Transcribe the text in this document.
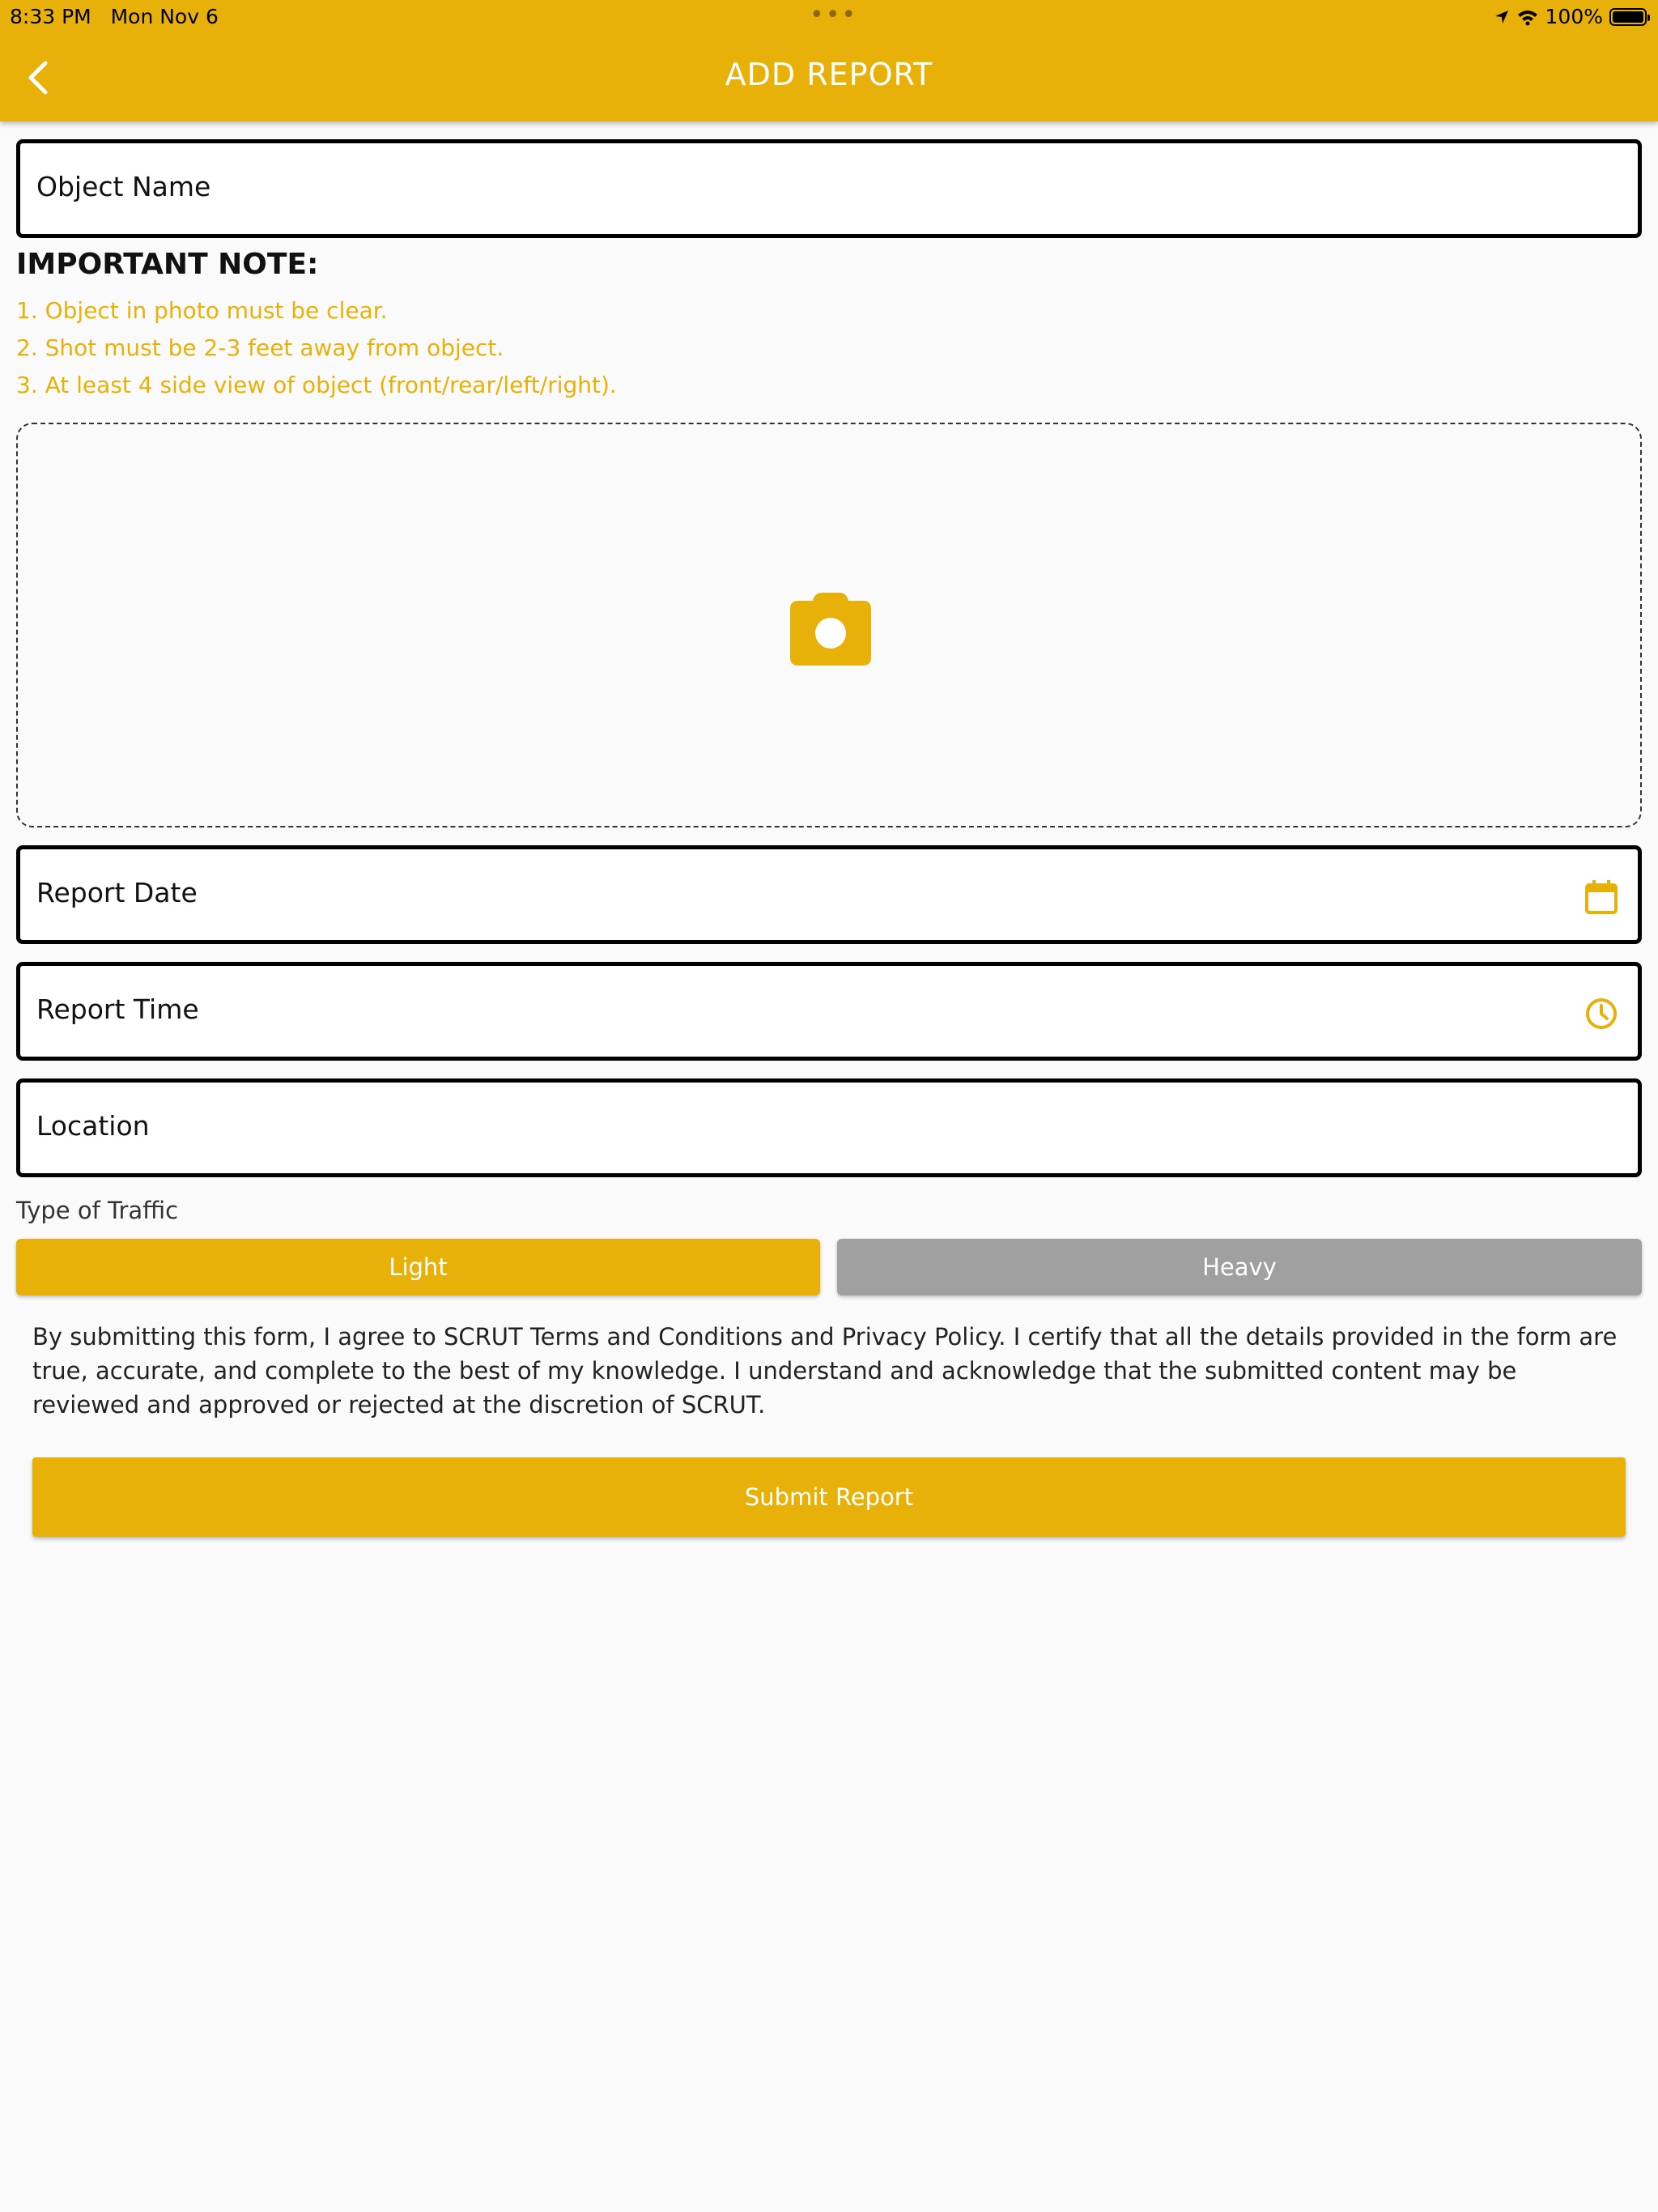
8:33 PM Mon Nov 6	•••	100%
ADD REPORT
Object Name
IMPORTANT NOTE:
1. Object in photo must be clear.
2. Shot must be 2-3 feet away from object.
3. At least 4 side view of object (front/rear/left/right).
Report Date
Report Time
Location
Type of Traffic
Light	Heavy
By submitting this form, I agree to SCRUT Terms and Conditions and Privacy Policy. I certify that all the details provided in the form are true, accurate, and complete to the best of my knowledge. I understand and acknowledge that the submitted content may be reviewed and approved or rejected at the discretion of SCRUT.
Submit Report
